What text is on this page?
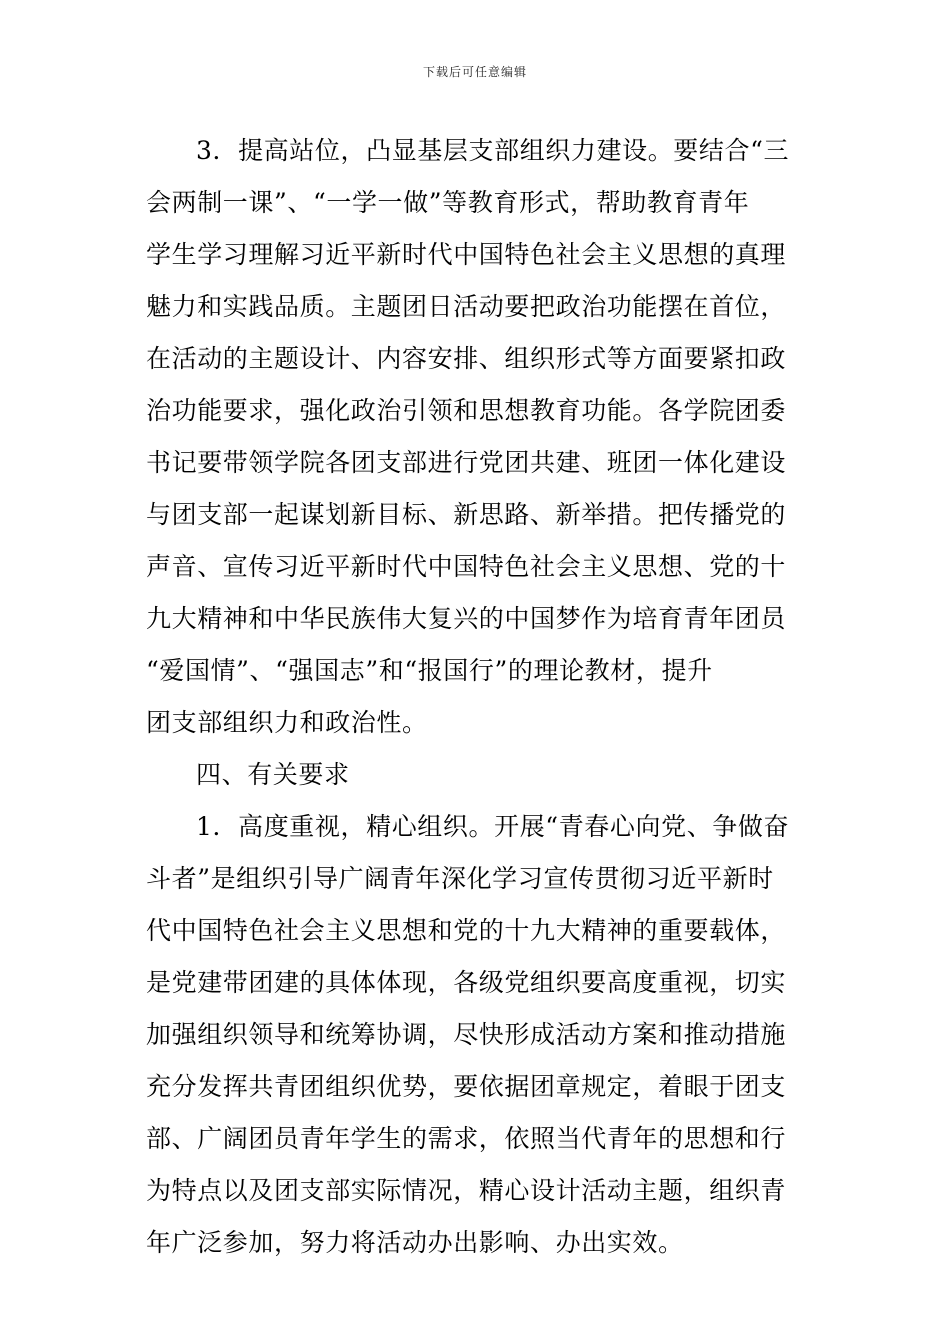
下载后可任意编辑
3．提高站位，凸显基层支部组织力建设。要结合“三
会两制一课”、“一学一做”等教育形式，帮助教育青年
学生学习理解习近平新时代中国特色社会主义思想的真理
魅力和实践品质。主题团日活动要把政治功能摆在首位，
在活动的主题设计、内容安排、组织形式等方面要紧扣政
治功能要求，强化政治引领和思想教育功能。各学院团委
书记要带领学院各团支部进行党团共建、班团一体化建设
与团支部一起谋划新目标、新思路、新举措。把传播党的
声音、宣传习近平新时代中国特色社会主义思想、党的十
九大精神和中华民族伟大复兴的中国梦作为培育青年团员
“爱国情”、“强国志”和“报国行”的理论教材，提升
团支部组织力和政治性。
四、有关要求
1．高度重视，精心组织。开展“青春心向党、争做奋
斗者”是组织引导广阔青年深化学习宣传贯彻习近平新时
代中国特色社会主义思想和党的十九大精神的重要载体，
是党建带团建的具体体现，各级党组织要高度重视，切实
加强组织领导和统筹协调，尽快形成活动方案和推动措施
充分发挥共青团组织优势，要依据团章规定，着眼于团支
部、广阔团员青年学生的需求，依照当代青年的思想和行
为特点以及团支部实际情况，精心设计活动主题，组织青
年广泛参加，努力将活动办出影响、办出实效。
